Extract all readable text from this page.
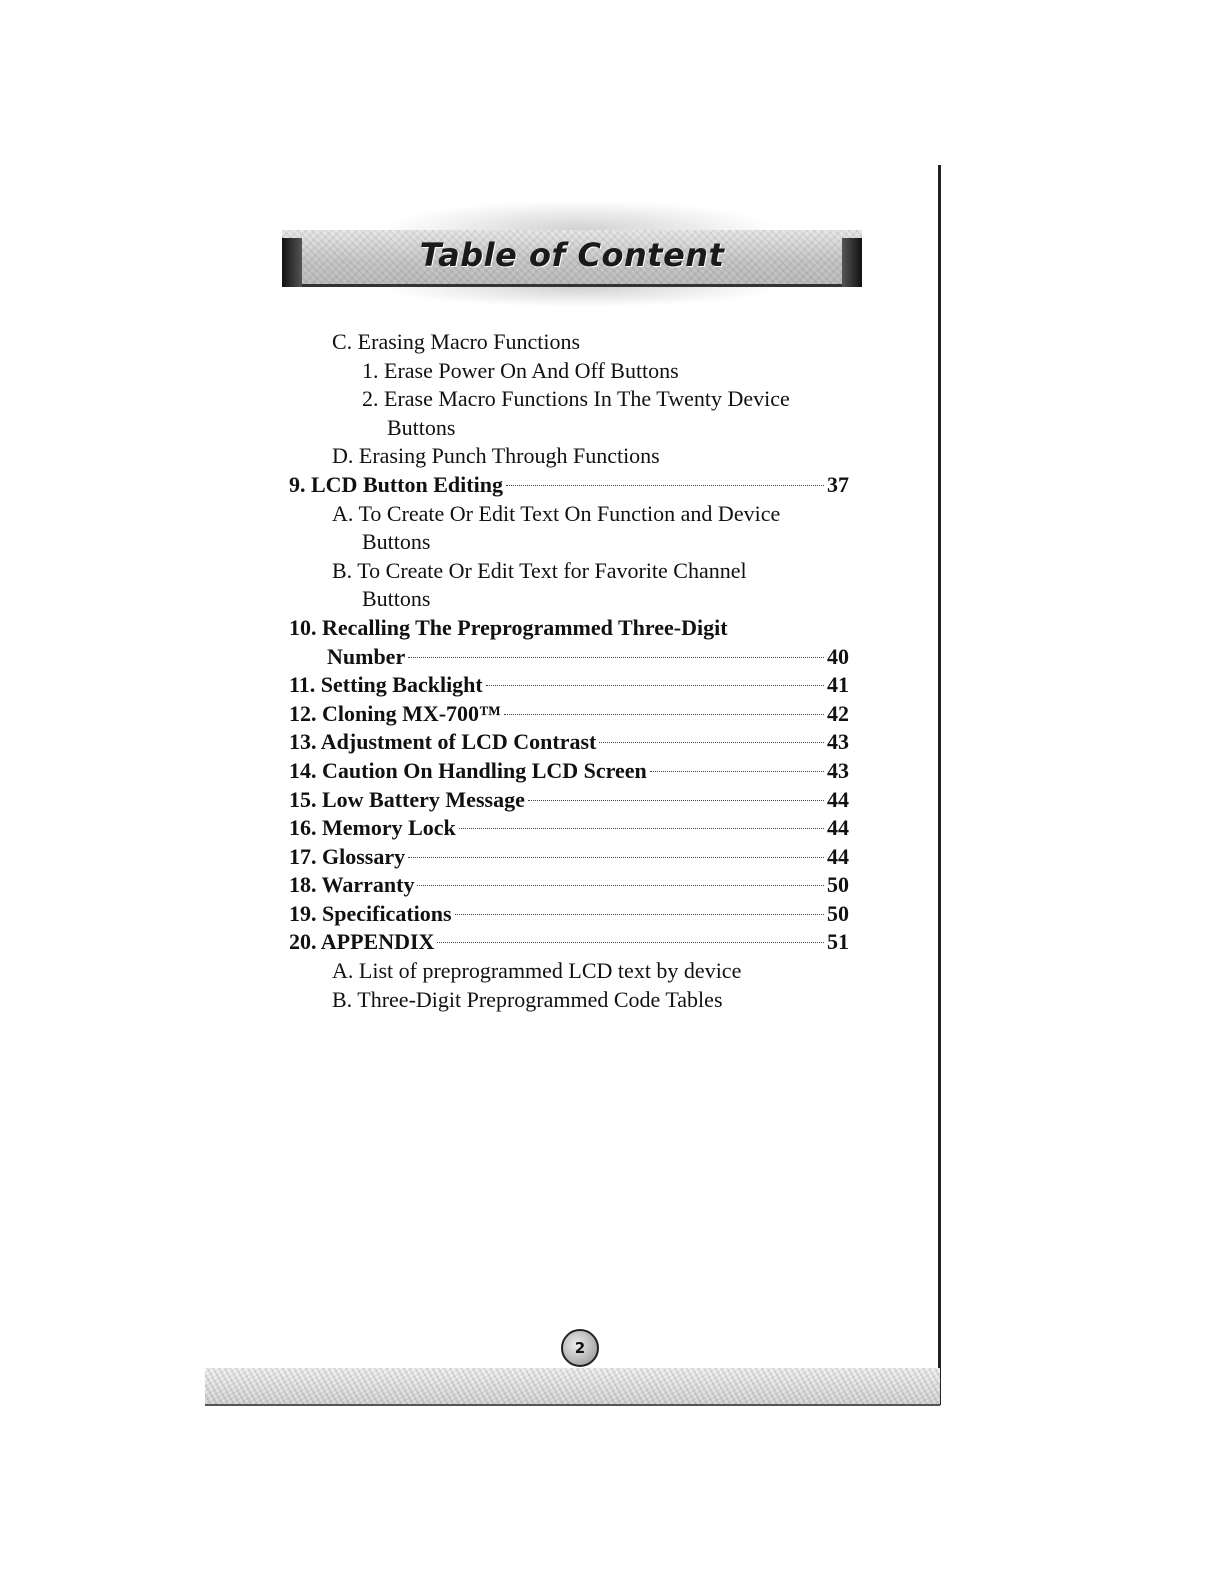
Table of Content
C. Erasing Macro Functions
1. Erase Power On And Off Buttons
2. Erase Macro Functions In The Twenty Device
Buttons
D. Erasing Punch Through Functions
9. LCD Button Editing	37
A. To Create Or Edit Text On Function and Device
Buttons
B. To Create Or Edit Text for Favorite Channel
Buttons
10. Recalling The Preprogrammed Three-Digit
Number	40
11. Setting Backlight	41
12. Cloning MX-700™	42
13. Adjustment of LCD Contrast	43
14. Caution On Handling LCD Screen	43
15. Low Battery Message	44
16. Memory Lock	44
17. Glossary	44
18. Warranty	50
19. Specifications	50
20. APPENDIX	51
A. List of preprogrammed LCD text by device
B. Three-Digit Preprogrammed Code Tables
2
